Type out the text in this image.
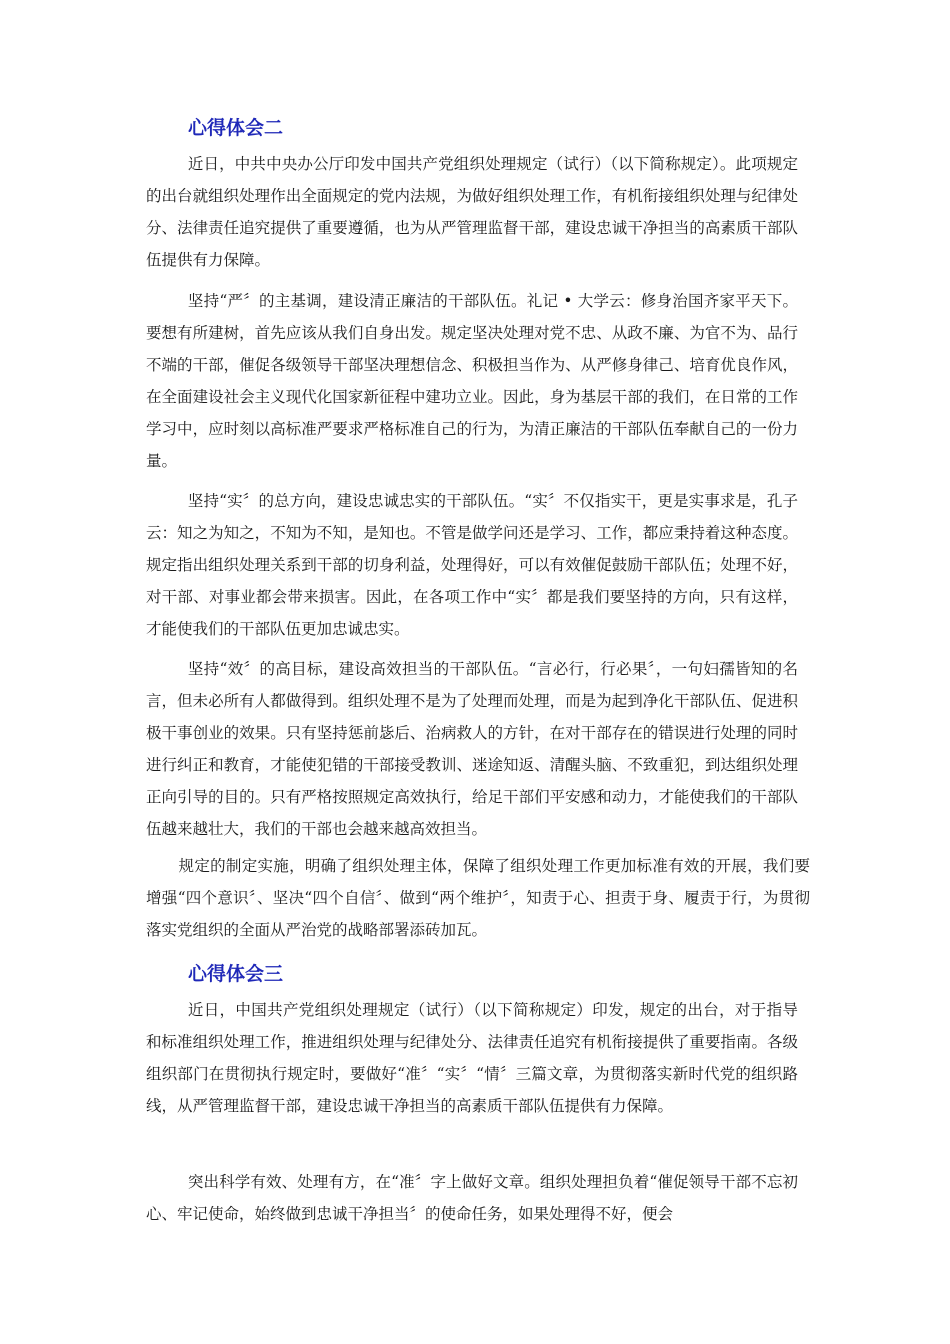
心得体会二

近日，中共中央办公厅印发中国共产党组织处理规定（试行）（以下简称规定）。此项规定的出台就组织处理作出全面规定的党内法规，为做好组织处理工作，有机衔接组织处理与纪律处分、法律责任追究提供了重要遵循，也为从严管理监督干部，建设忠诚干净担当的高素质干部队伍提供有力保障。

坚持“严〞的主基调，建设清正廉洁的干部队伍。礼记 • 大学云：修身治国齐家平天下。要想有所建树，首先应该从我们自身出发。规定坚决处理对党不忠、从政不廉、为官不为、品行不端的干部，催促各级领导干部坚决理想信念、积极担当作为、从严修身律己、培育优良作风，在全面建设社会主义现代化国家新征程中建功立业。因此，身为基层干部的我们，在日常的工作学习中，应时刻以高标准严要求严格标准自己的行为，为清正廉洁的干部队伍奉献自己的一份力量。

坚持“实〞的总方向，建设忠诚忠实的干部队伍。“实〞不仅指实干，更是实事求是，孔子云：知之为知之，不知为不知，是知也。不管是做学问还是学习、工作，都应秉持着这种态度。规定指出组织处理关系到干部的切身利益，处理得好，可以有效催促鼓励干部队伍；处理不好，对干部、对事业都会带来损害。因此，在各项工作中“实〞都是我们要坚持的方向，只有这样，才能使我们的干部队伍更加忠诚忠实。

坚持“效〞的高目标，建设高效担当的干部队伍。“言必行，行必果〞，一句妇孺皆知的名言，但未必所有人都做得到。组织处理不是为了处理而处理，而是为起到净化干部队伍、促进积极干事创业的效果。只有坚持惩前毖后、治病救人的方针，在对干部存在的错误进行处理的同时进行纠正和教育，才能使犯错的干部接受教训、迷途知返、清醒头脑、不致重犯，到达组织处理正向引导的目的。只有严格按照规定高效执行，给足干部们平安感和动力，才能使我们的干部队伍越来越壮大，我们的干部也会越来越高效担当。

规定的制定实施，明确了组织处理主体，保障了组织处理工作更加标准有效的开展，我们要增强“四个意识〞、坚决“四个自信〞、做到“两个维护〞，知责于心、担责于身、履责于行，为贯彻落实党组织的全面从严治党的战略部署添砖加瓦。

心得体会三

近日，中国共产党组织处理规定（试行）（以下简称规定）印发，规定的出台，对于指导和标准组织处理工作，推进组织处理与纪律处分、法律责任追究有机衔接提供了重要指南。各级组织部门在贯彻执行规定时，要做好“准〞“实〞“情〞三篇文章，为贯彻落实新时代党的组织路线，从严管理监督干部，建设忠诚干净担当的高素质干部队伍提供有力保障。

突出科学有效、处理有方，在“准〞字上做好文章。组织处理担负着“催促领导干部不忘初心、牢记使命，始终做到忠诚干净担当〞的使命任务，如果处理得不好，便会
